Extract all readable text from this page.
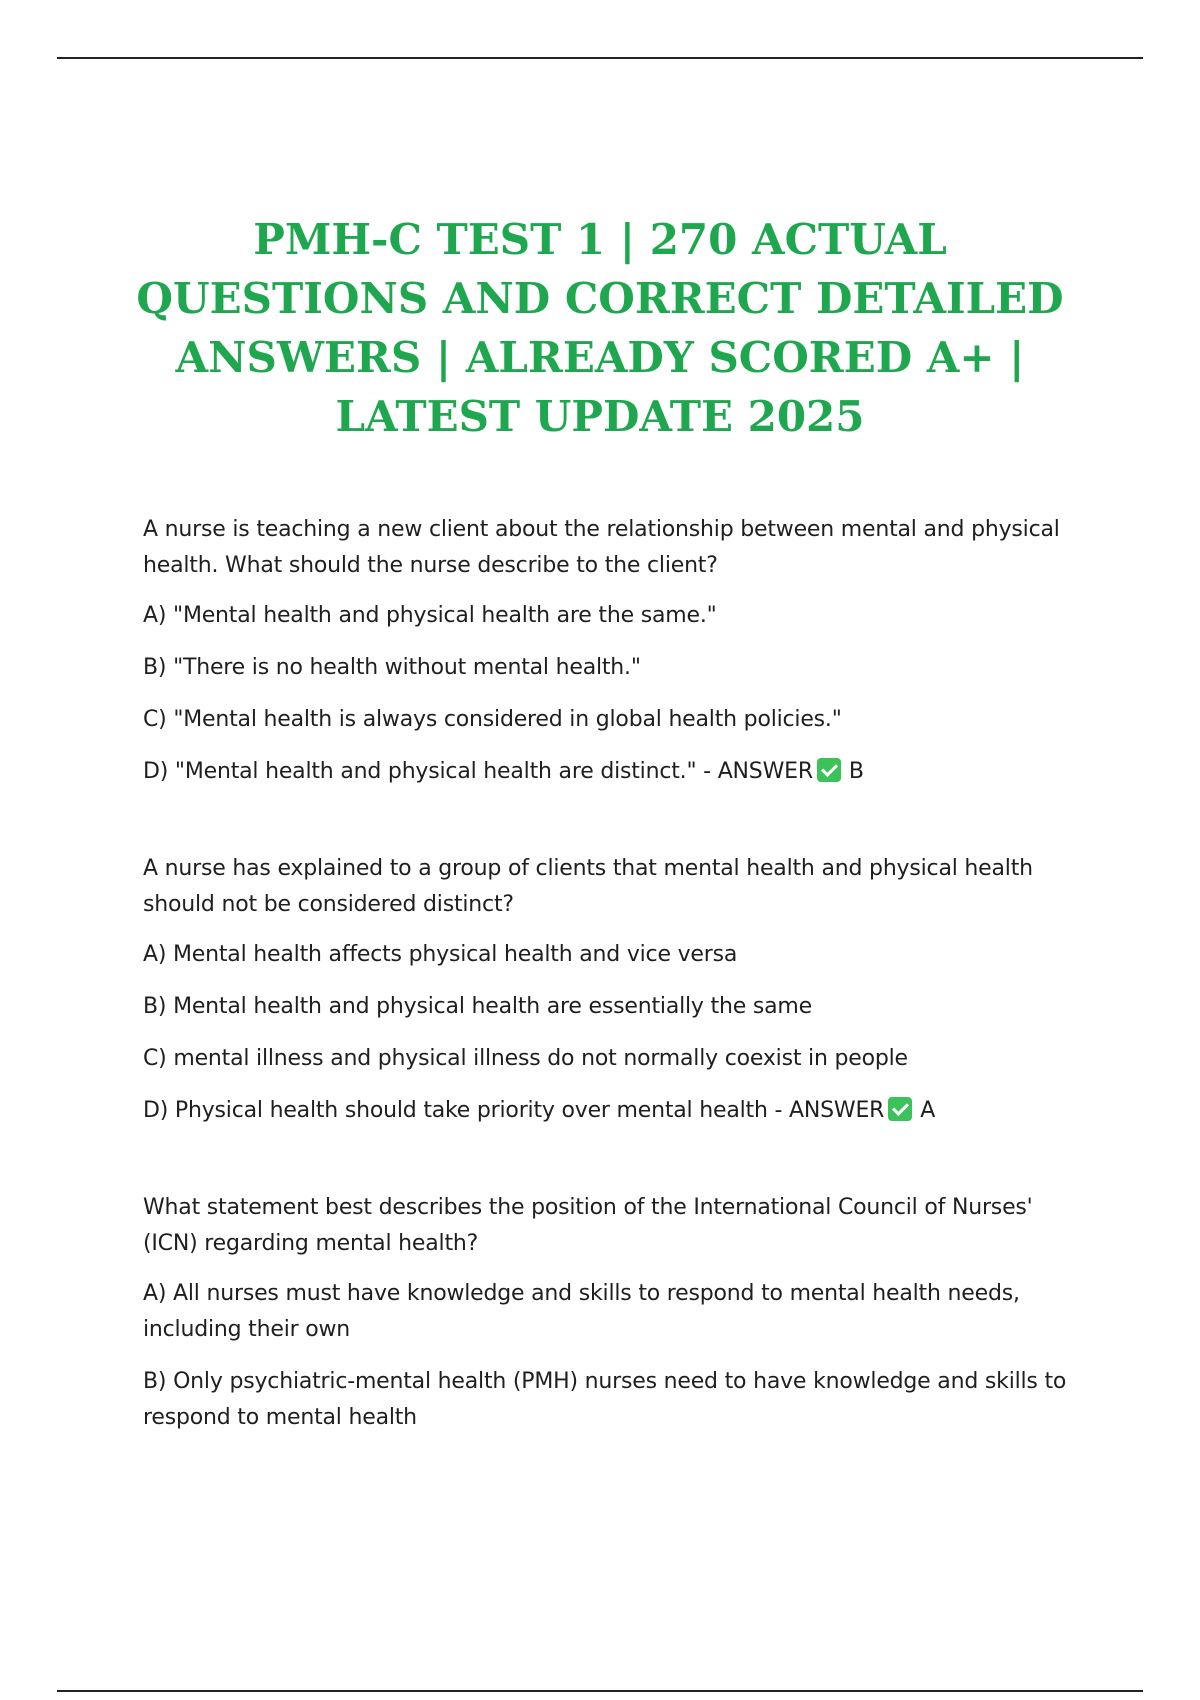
PMH-C TEST 1 | 270 ACTUAL
QUESTIONS AND CORRECT DETAILED
ANSWERS | ALREADY SCORED A+ |
LATEST UPDATE 2025

A nurse is teaching a new client about the relationship between mental and physical health. What should the nurse describe to the client?

A) "Mental health and physical health are the same."

B) "There is no health without mental health."

C) "Mental health is always considered in global health policies."

D) "Mental health and physical health are distinct." - ANSWER B

A nurse has explained to a group of clients that mental health and physical health should not be considered distinct?

A) Mental health affects physical health and vice versa

B) Mental health and physical health are essentially the same

C) mental illness and physical illness do not normally coexist in people

D) Physical health should take priority over mental health - ANSWER A

What statement best describes the position of the International Council of Nurses' (ICN) regarding mental health?

A) All nurses must have knowledge and skills to respond to mental health needs, including their own

B) Only psychiatric-mental health (PMH) nurses need to have knowledge and skills to respond to mental health
